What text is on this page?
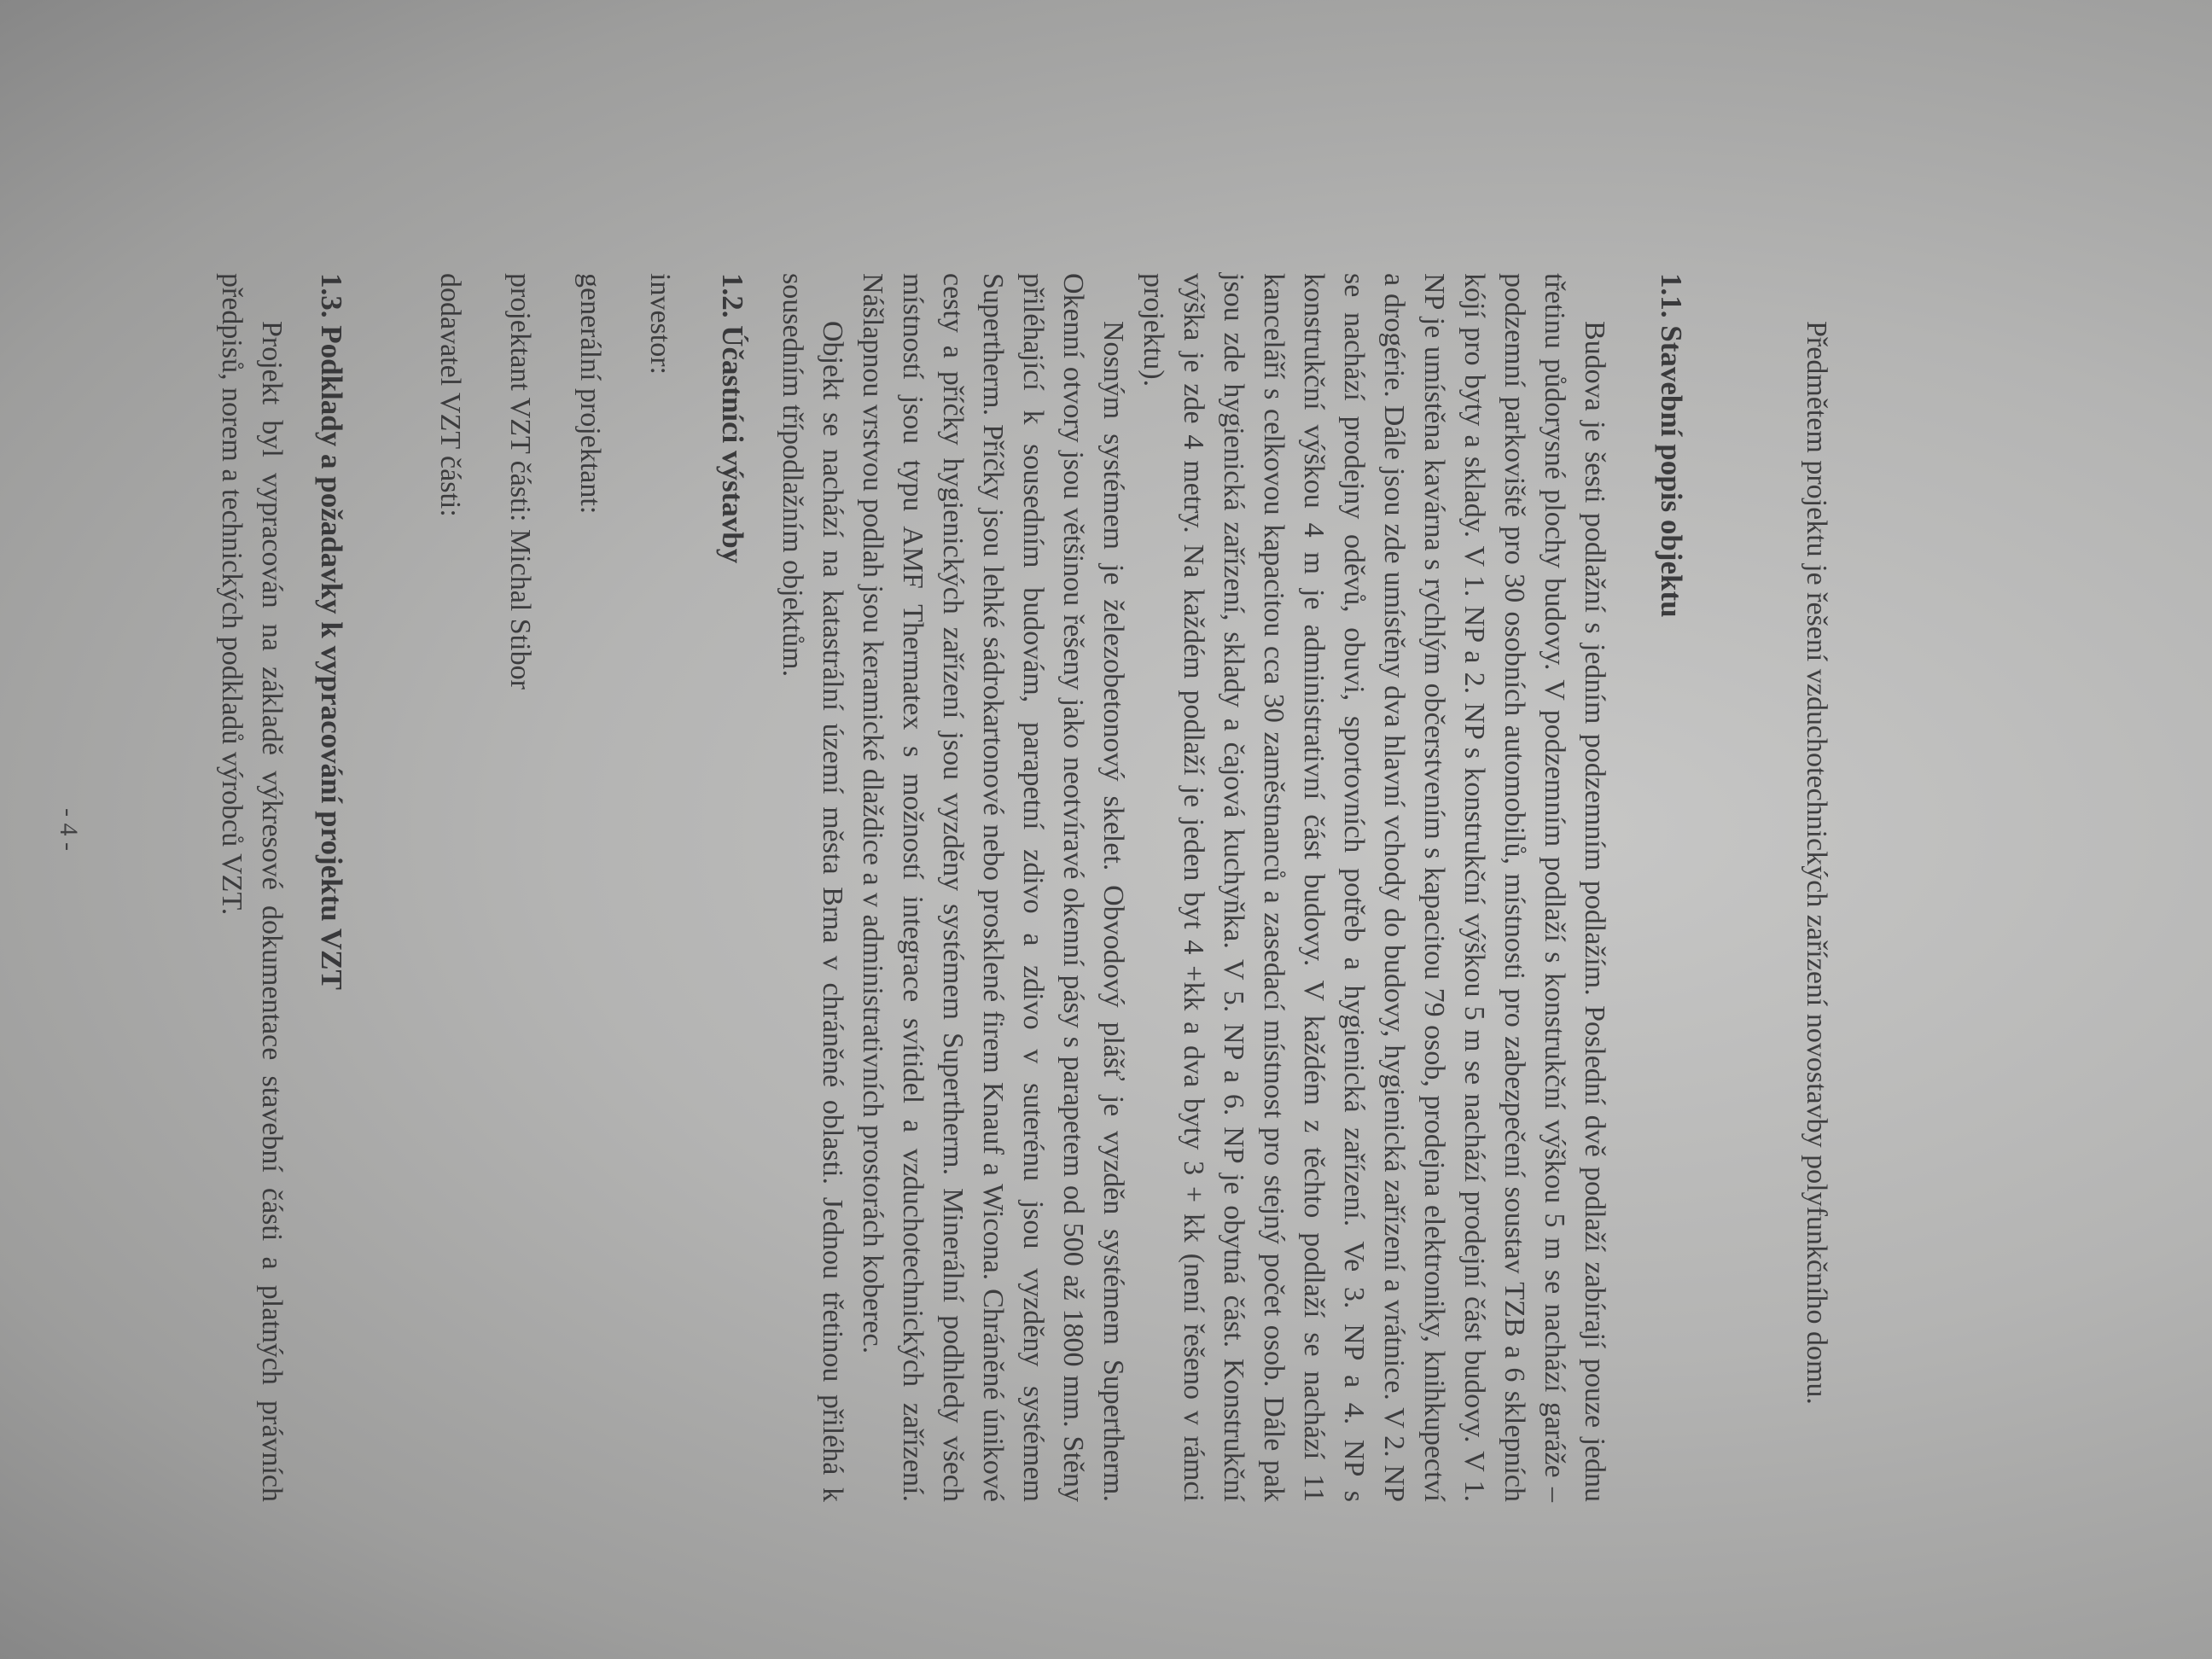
Předmětem projektu je řešení vzduchotechnických zařízení novostavby polyfunkčního domu.

1.1. Stavební popis objektu

Budova je šesti podlažní s jedním podzemním podlažím. Poslední dvě podlaží zabírají pouze jednu třetinu půdorysné plochy budovy. V podzemním podlaží s konstrukční výškou 5 m se nachází garáže – podzemní parkoviště pro 30 osobních automobilů, místnosti pro zabezpečení soustav TZB a 6 sklepních kójí pro byty a sklady. V 1. NP a 2. NP s konstrukční výškou 5 m se nachází prodejní část budovy. V 1. NP je umístěna kavárna s rychlým občerstvením s kapacitou 79 osob, prodejna elektroniky, knihkupectví a drogérie. Dále jsou zde umístěny dva hlavní vchody do budovy, hygienická zařízení a vrátnice. V 2. NP se nachází prodejny oděvů, obuvi, sportovních potřeb a hygienická zařízení. Ve 3. NP a 4. NP s konstrukční výškou 4 m je administrativní část budovy. V každém z těchto podlaží se nachází 11 kanceláří s celkovou kapacitou cca 30 zaměstnanců a zasedací místnost pro stejný počet osob. Dále pak jsou zde hygienická zařízení, sklady a čajová kuchyňka. V 5. NP a 6. NP je obytná část. Konstrukční výška je zde 4 metry. Na každém podlaží je jeden byt 4 +kk a dva byty 3 + kk (není řešeno v rámci projektu).

Nosným systémem je železobetonový skelet. Obvodový plášť je vyzděn systémem Supertherm. Okenní otvory jsou většinou řešeny jako neotvíravé okenní pásy s parapetem od 500 až 1800 mm. Stěny přiléhající k sousedním budovám, parapetní zdivo a zdivo v suterénu jsou vyzděny systémem Supertherm. Příčky jsou lehké sádrokartonové nebo prosklené firem Knauf a Wicona. Chráněné únikové cesty a příčky hygienických zařízení jsou vyzděny systémem Supertherm. Minerální podhledy všech místností jsou typu AMF Thermatex s možností integrace svítidel a vzduchotechnických zařízení. Nášlapnou vrstvou podlah jsou keramické dlaždice a v administrativních prostorách koberec.

Objekt se nachází na katastrální území města Brna v chráněné oblasti. Jednou třetinou přiléhá k sousedním třípodlažním objektům.

1.2. Účastníci výstavby
investor:
generální projektant:
projektant VZT části: Michal Stibor
dodavatel VZT části:
1.3. Podklady a požadavky k vypracování projektu VZT

Projekt byl vypracován na základě výkresové dokumentace stavební části a platných právních předpisů, norem a technických podkladů výrobců VZT.

- 4 -
